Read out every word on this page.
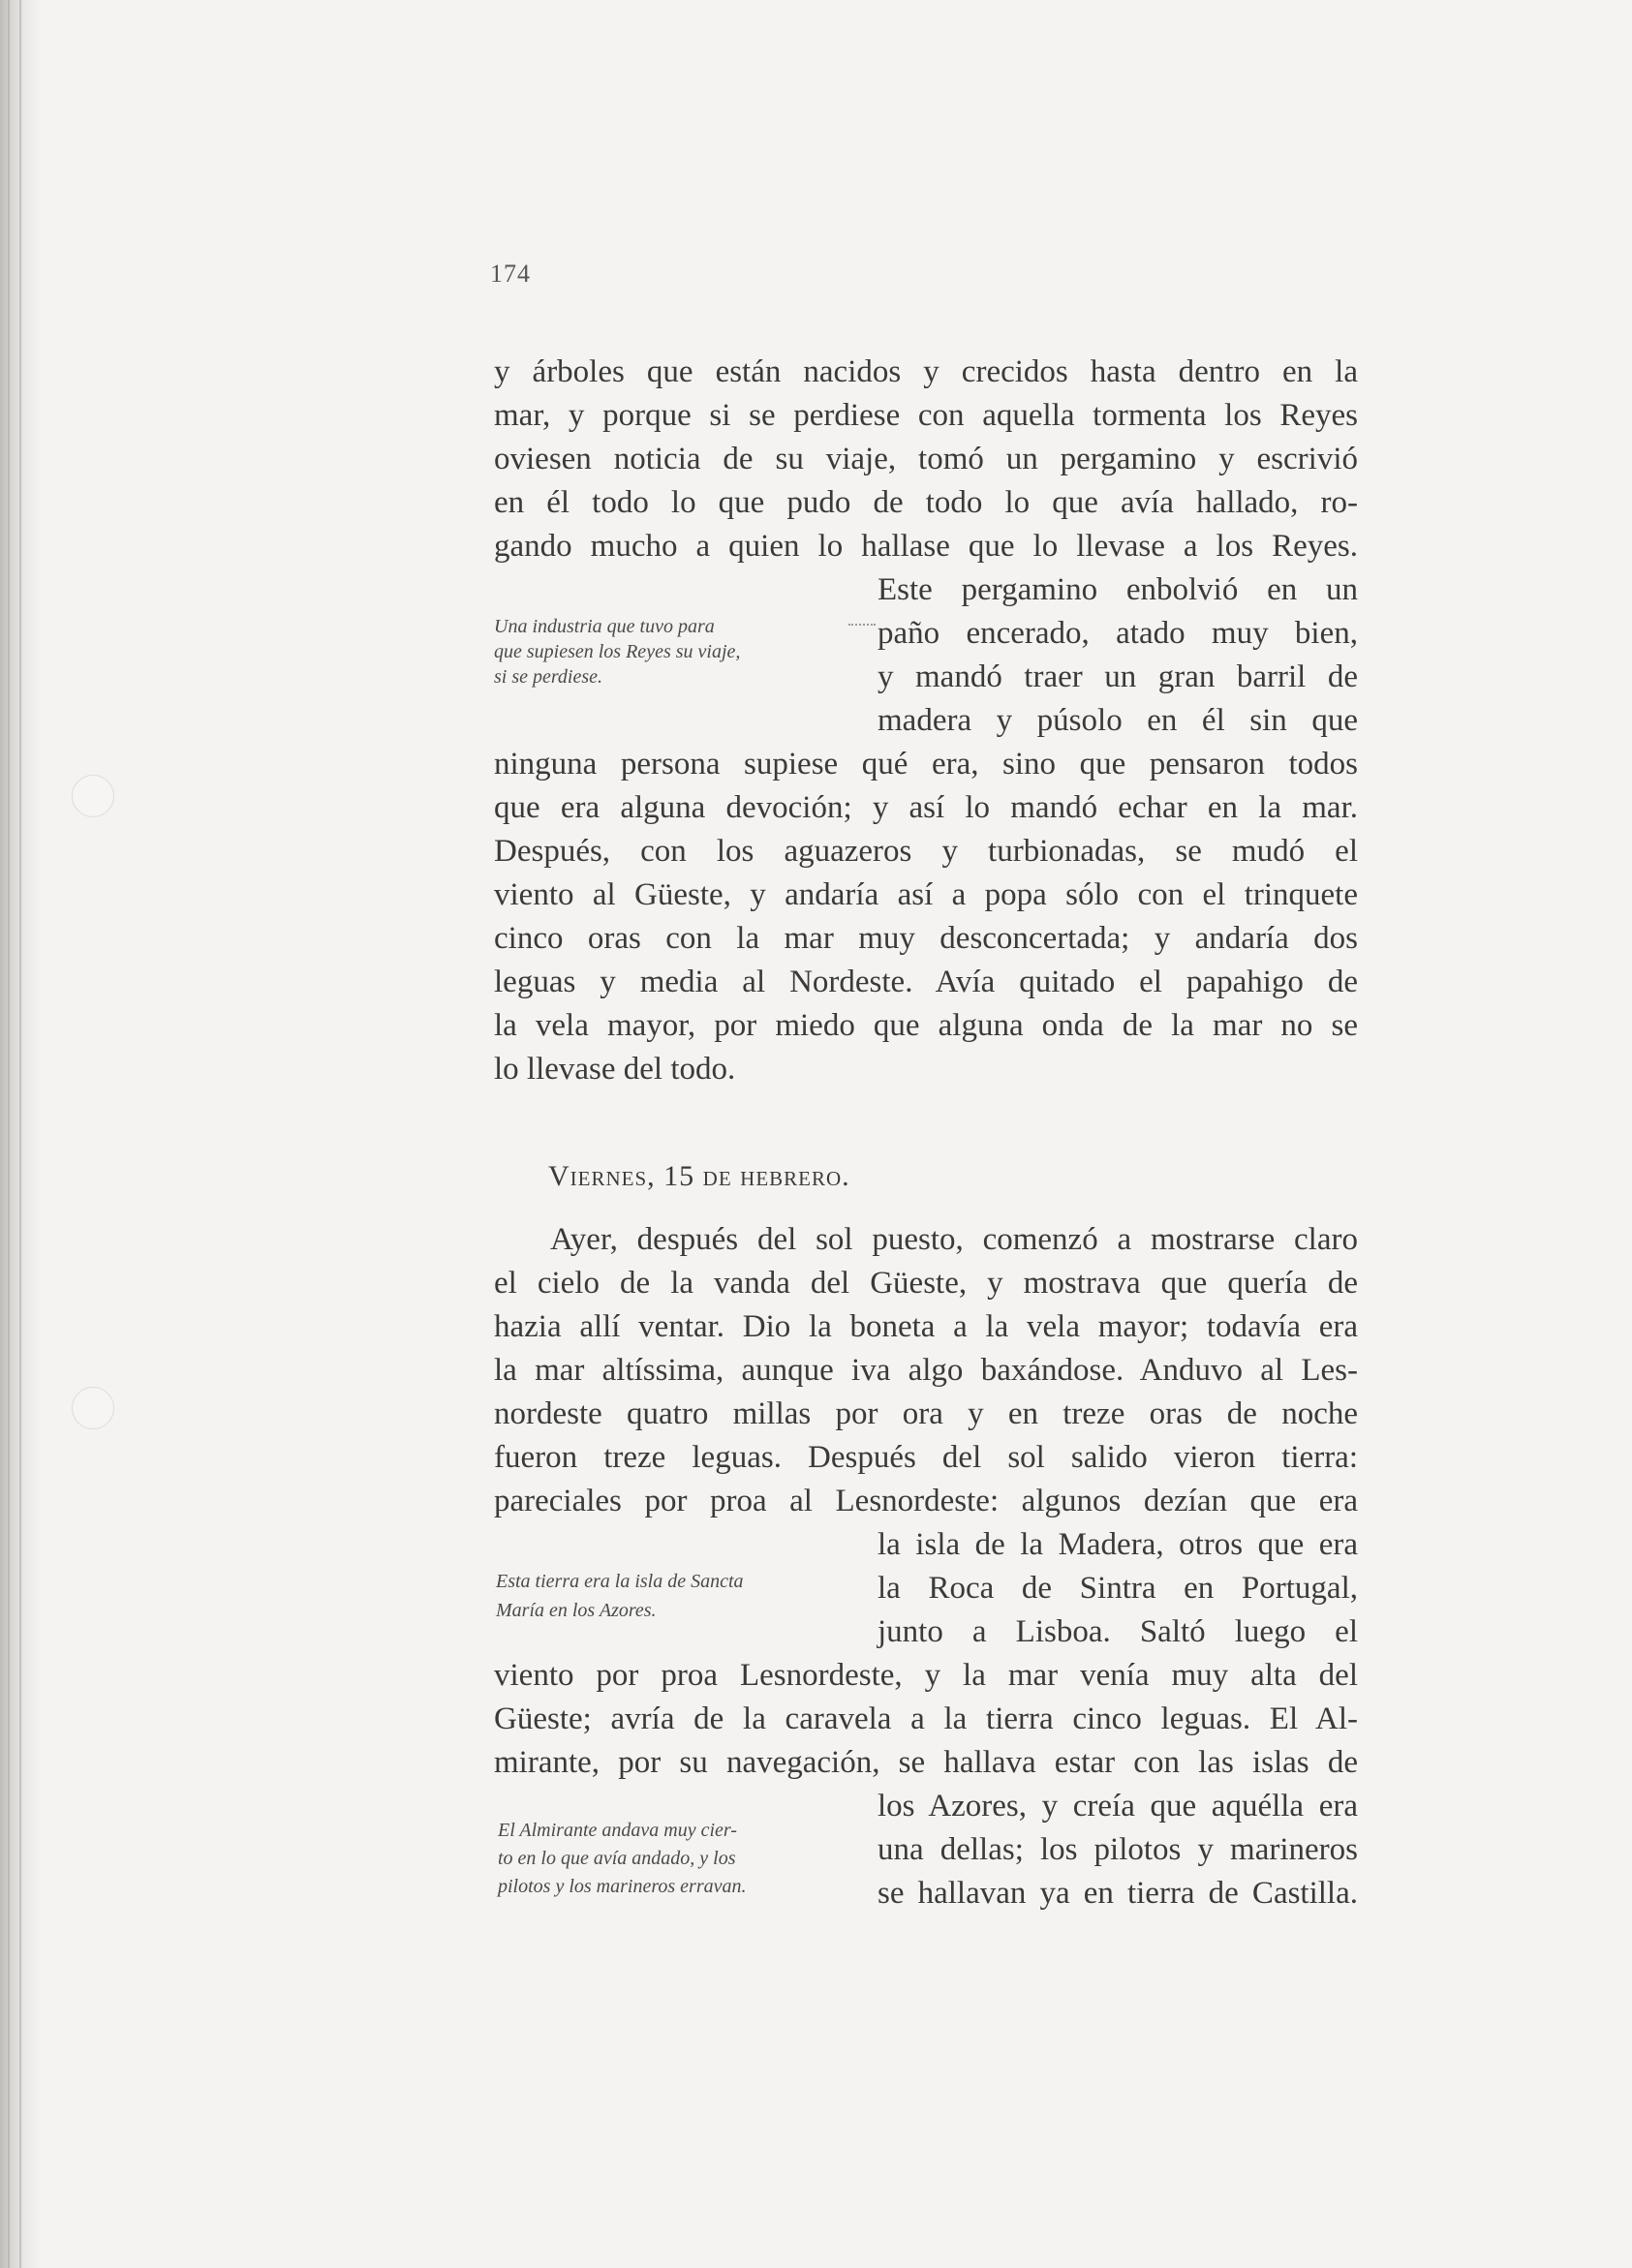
174
y árboles que están nacidos y crecidos hasta dentro en la
mar, y porque si se perdiese con aquella tormenta los Reyes
oviesen noticia de su viaje, tomó un pergamino y escrivió
en él todo lo que pudo de todo lo que avía hallado, ro-
gando mucho a quien lo hallase que lo llevase a los Reyes.
Este pergamino enbolvió en un
paño encerado, atado muy bien,
y mandó traer un gran barril de
madera y púsolo en él sin que
ninguna persona supiese qué era, sino que pensaron todos
que era alguna devoción; y así lo mandó echar en la mar.
Después, con los aguazeros y turbionadas, se mudó el
viento al Güeste, y andaría así a popa sólo con el trinquete
cinco oras con la mar muy desconcertada; y andaría dos
leguas y media al Nordeste. Avía quitado el papahigo de
la vela mayor, por miedo que alguna onda de la mar no se
lo llevase del todo.
Una industria que tuvo para
que supiesen los Reyes su viaje,
si se perdiese.
Viernes, 15 de hebrero.
Ayer, después del sol puesto, comenzó a mostrarse claro
el cielo de la vanda del Güeste, y mostrava que quería de
hazia allí ventar. Dio la boneta a la vela mayor; todavía era
la mar altíssima, aunque iva algo baxándose. Anduvo al Les-
nordeste quatro millas por ora y en treze oras de noche
fueron treze leguas. Después del sol salido vieron tierra:
pareciales por proa al Lesnordeste: algunos dezían que era
la isla de la Madera, otros que era
la Roca de Sintra en Portugal,
junto a Lisboa. Saltó luego el
viento por proa Lesnordeste, y la mar venía muy alta del
Güeste; avría de la caravela a la tierra cinco leguas. El Al-
mirante, por su navegación, se hallava estar con las islas de
los Azores, y creía que aquélla era
una dellas; los pilotos y marineros
se hallavan ya en tierra de Castilla.
Esta tierra era la isla de Sancta
María en los Azores.
El Almirante andava muy cier-
to en lo que avía andado, y los
pilotos y los marineros erravan.
